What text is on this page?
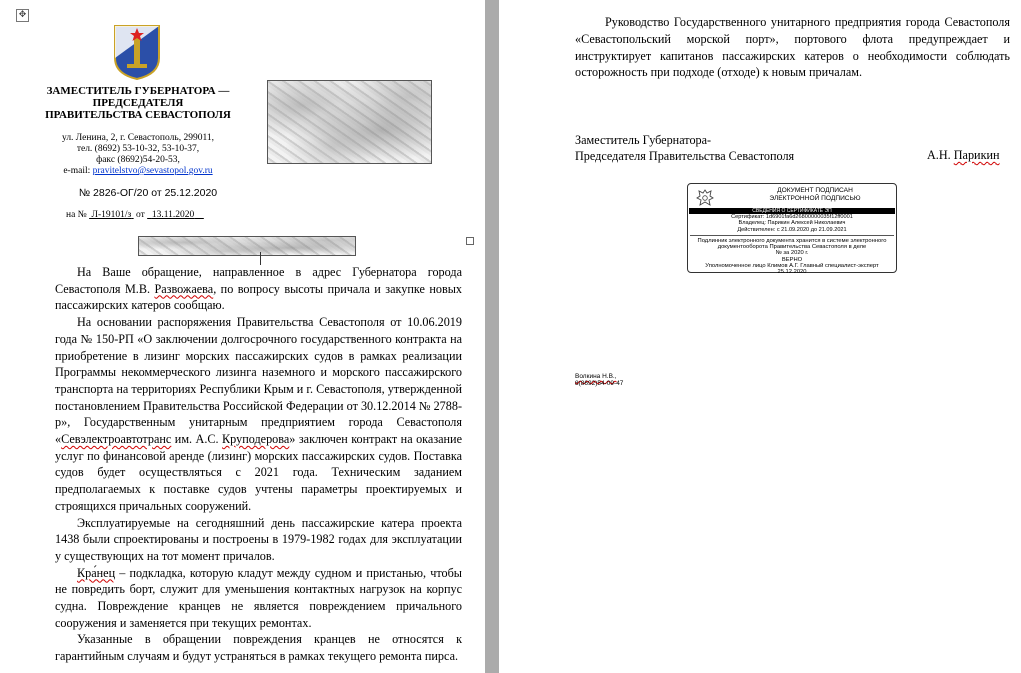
✥
ЗАМЕСТИТЕЛЬ ГУБЕРНАТОРА —
ПРЕДСЕДАТЕЛЯ
ПРАВИТЕЛЬСТВА СЕВАСТОПОЛЯ
ул. Ленина, 2, г. Севастополь, 299011,
тел. (8692) 53-10-32, 53-10-37,
факс (8692)54-20-53,
e-mail: pravitelstvo@sevastopol.gov.ru
№ 2826-ОГ/20 от 25.12.2020
на № Л-19101/з от 13.11.2020

На Ваше обращение, направленное в адрес Губернатора города Севастополя М.В. Развожаева, по вопросу высоты причала и закупке новых пассажирских катеров сообщаю.

На основании распоряжения Правительства Севастополя от 10.06.2019 года № 150-РП «О заключении долгосрочного государственного контракта на приобретение в лизинг морских пассажирских судов в рамках реализации Программы некоммерческого лизинга наземного и морского пассажирского транспорта на территориях Республики Крым и г. Севастополя, утвержденной постановлением Правительства Российской Федерации от 30.12.2014 № 2788-р», Государственным унитарным предприятием города Севастополя «Севэлектроавтотранс им. А.С. Круподерова» заключен контракт на оказание услуг по финансовой аренде (лизинг) морских пассажирских судов. Поставка судов будет осуществляться с 2021 года. Техническим заданием предполагаемых к поставке судов учтены параметры проектируемых и строящихся причальных сооружений.

Эксплуатируемые на сегодняшний день пассажирские катера проекта 1438 были спроектированы и построены в 1979-1982 годах для эксплуатации у существующих на тот момент причалов.

Кра́нец – подкладка, которую кладут между судном и пристанью, чтобы не повредить борт, служит для уменьшения контактных нагрузок на корпус судна. Повреждение кранцев не является повреждением причального сооружения и заменяется при текущих ремонтах.

Указанные в обращении повреждения кранцев не относятся к гарантийным случаям и будут устраняться в рамках текущего ремонта пирса.

Руководство Государственного унитарного предприятия города Севастополя «Севастопольский морской порт», портового флота предупреждает и инструктирует капитанов пассажирских катеров о необходимости соблюдать осторожность при подходе (отходе) к новым причалам.

Заместитель Губернатора-
Председателя Правительства Севастополя	А.Н. Парикин
ДОКУМЕНТ ПОДПИСАН
ЭЛЕКТРОННОЙ ПОДПИСЬЮ
СВЕДЕНИЯ О СЕРТИФИКАТЕ ЭП
Сертификат: 1d6901fa6d26800000035f12ff0001
Владелец: Парикин Алексей Николаевич
Действителен: с 21.09.2020 до 21.09.2021
Подлинник электронного документа хранится в системе электронного
документооборота Правительства Севастополя в деле
№ за 2020 г.
ВЕРНО
Уполномоченное лицо Климов А.Г. Главный специалист-эксперт
25.12.2020
Волкина Н.В.,
8(8692)54-09-47
